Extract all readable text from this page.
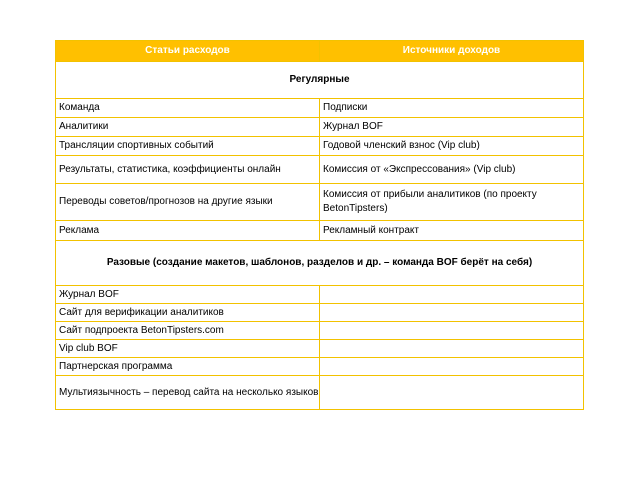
Статьи расходов	Источники доходов
Регулярные	
Команда	Подписки
Аналитики	Журнал BOF
Трансляции спортивных событий	Годовой членский взнос (Vip club)
Результаты, статистика, коэффициенты онлайн	Комиссия от «Экспрессования» (Vip club)
Переводы советов/прогнозов на другие языки	Комиссия от прибыли аналитиков (по проекту BetonTipsters)
Реклама	Рекламный контракт
Разовые (создание макетов, шаблонов, разделов и др. – команда BOF берёт на себя)	
Журнал BOF	
Сайт для верификации аналитиков	
Сайт подпроекта BetonTipsters.com	
Vip club BOF	
Партнерская программа	
Мультиязычность – перевод сайта на несколько языков	
